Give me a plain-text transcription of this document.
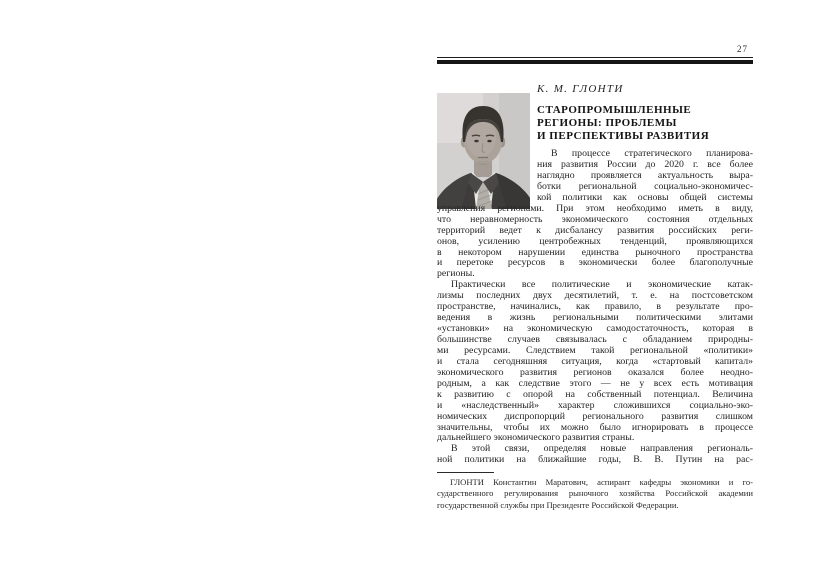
27
К. М. ГЛОНТИ
СТАРОПРОМЫШЛЕННЫЕ
РЕГИОНЫ: ПРОБЛЕМЫ
И ПЕРСПЕКТИВЫ РАЗВИТИЯ
В процессе стратегического планирова-
ния развития России до 2020 г. все более
наглядно проявляется актуальность выра-
ботки региональной социально-экономичес-
кой политики как основы общей системы
управления регионами. При этом необходимо иметь в виду,
что неравномерность экономического состояния отдельных
территорий ведет к дисбалансу развития российских реги-
онов, усилению центробежных тенденций, проявляющихся
в некотором нарушении единства рыночного пространства
и перетоке ресурсов в экономически более благополучные
регионы.
Практически все политические и экономические катак-
лизмы последних двух десятилетий, т. е. на постсоветском
пространстве, начинались, как правило, в результате про-
ведения в жизнь региональными политическими элитами
«установки» на экономическую самодостаточность, которая в
большинстве случаев связывалась с обладанием природны-
ми ресурсами. Следствием такой региональной «политики»
и стала сегодняшняя ситуация, когда «стартовый капитал»
экономического развития регионов оказался более неодно-
родным, а как следствие этого — не у всех есть мотивация
к развитию с опорой на собственный потенциал. Величина
и «наследственный» характер сложившихся социально-эко-
номических диспропорций регионального развития слишком
значительны, чтобы их можно было игнорировать в процессе
дальнейшего экономического развития страны.
В этой связи, определяя новые направления региональ-
ной политики на ближайшие годы, В. В. Путин на рас-
ГЛОНТИ Константин Маратович, аспирант кафедры экономики и го-
сударственного регулирования рыночного хозяйства Российской академии
государственной службы при Президенте Российской Федерации.
